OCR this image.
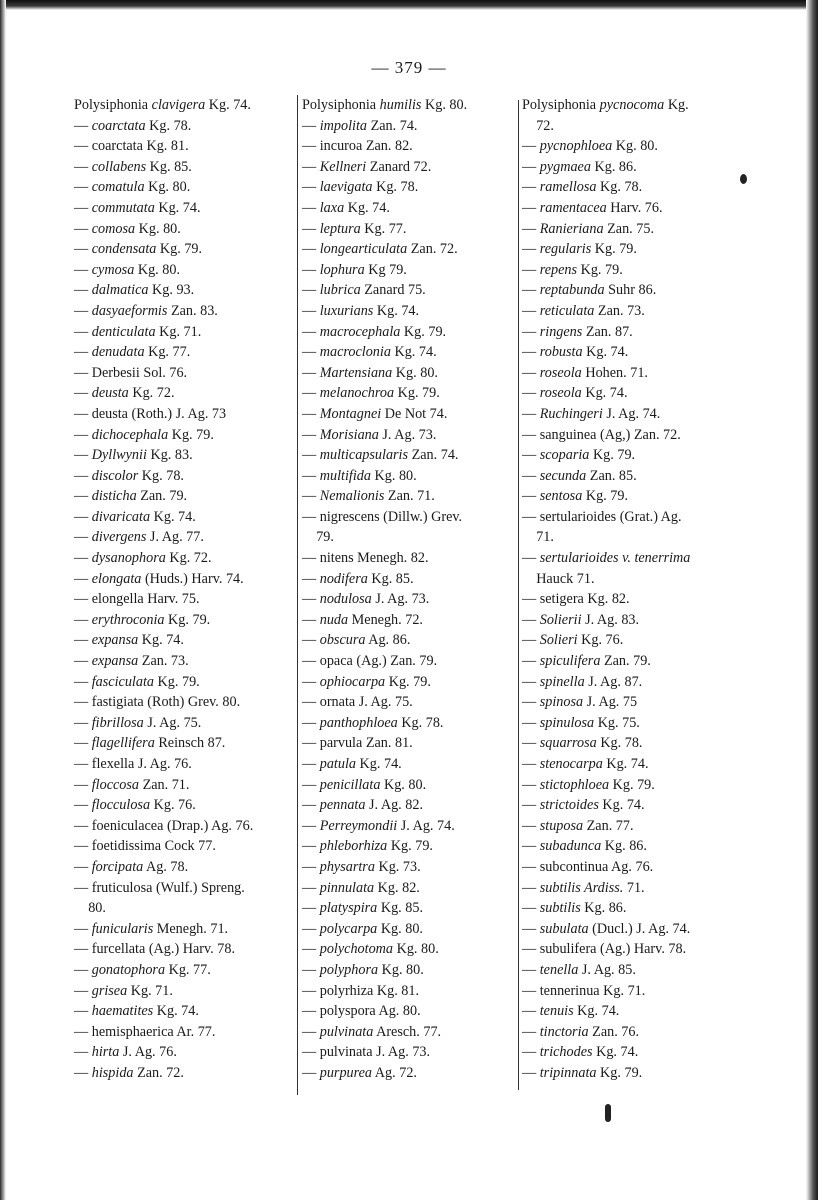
— 379 —
Polysiphonia clavigera Kg. 74.
— coarctata Kg. 78.
— coarctata Kg. 81.
— collabens Kg. 85.
— comatula Kg. 80.
— commutata Kg. 74.
— comosa Kg. 80.
— condensata Kg. 79.
— cymosa Kg. 80.
— dalmatica Kg. 93.
— dasyaeformis Zan. 83.
— denticulata Kg. 71.
— denudata Kg. 77.
— Derbesii Sol. 76.
— deusta Kg. 72.
— deusta (Roth.) J. Ag. 73
— dichocephala Kg. 79.
— Dyllwynii Kg. 83.
— discolor Kg. 78.
— disticha Zan. 79.
— divaricata Kg. 74.
— divergens J. Ag. 77.
— dysanophora Kg. 72.
— elongata (Huds.) Harv. 74.
— elongella Harv. 75.
— erythroconia Kg. 79.
— expansa Kg. 74.
— expansa Zan. 73.
— fasciculata Kg. 79.
— fastigiata (Roth) Grev. 80.
— fibrillosa J. Ag. 75.
— flagellifera Reinsch 87.
— flexella J. Ag. 76.
— floccosa Zan. 71.
— flocculosa Kg. 76.
— foeniculacea (Drap.) Ag. 76.
— foetidissima Cock 77.
— forcipata Ag. 78.
— fruticulosa (Wulf.) Spreng.
80.
— funicularis Menegh. 71.
— furcellata (Ag.) Harv. 78.
— gonatophora Kg. 77.
— grisea Kg. 71.
— haematites Kg. 74.
— hemisphaerica Ar. 77.
— hirta J. Ag. 76.
— hispida Zan. 72.
Polysiphonia humilis Kg. 80.
— impolita Zan. 74.
— incuroa Zan. 82.
— Kellneri Zanard 72.
— laevigata Kg. 78.
— laxa Kg. 74.
— leptura Kg. 77.
— longearticulata Zan. 72.
— lophura Kg 79.
— lubrica Zanard 75.
— luxurians Kg. 74.
— macrocephala Kg. 79.
— macroclonia Kg. 74.
— Martensiana Kg. 80.
— melanochroa Kg. 79.
— Montagnei De Not 74.
— Morisiana J. Ag. 73.
— multicapsularis Zan. 74.
— multifida Kg. 80.
— Nemalionis Zan. 71.
— nigrescens (Dillw.) Grev.
79.
— nitens Menegh. 82.
— nodifera Kg. 85.
— nodulosa J. Ag. 73.
— nuda Menegh. 72.
— obscura Ag. 86.
— opaca (Ag.) Zan. 79.
— ophiocarpa Kg. 79.
— ornata J. Ag. 75.
— panthophloea Kg. 78.
— parvula Zan. 81.
— patula Kg. 74.
— penicillata Kg. 80.
— pennata J. Ag. 82.
— Perreymondii J. Ag. 74.
— phleborhiza Kg. 79.
— physartra Kg. 73.
— pinnulata Kg. 82.
— platyspira Kg. 85.
— polycarpa Kg. 80.
— polychotoma Kg. 80.
— polyphora Kg. 80.
— polyrhiza Kg. 81.
— polyspora Ag. 80.
— pulvinata Aresch. 77.
— pulvinata J. Ag. 73.
— purpurea Ag. 72.
Polysiphonia pycnocoma Kg.
72.
— pycnophloea Kg. 80.
— pygmaea Kg. 86.
— ramellosa Kg. 78.
— ramentacea Harv. 76.
— Ranieriana Zan. 75.
— regularis Kg. 79.
— repens Kg. 79.
— reptabunda Suhr 86.
— reticulata Zan. 73.
— ringens Zan. 87.
— robusta Kg. 74.
— roseola Hohen. 71.
— roseola Kg. 74.
— Ruchingeri J. Ag. 74.
— sanguinea (Ag,) Zan. 72.
— scoparia Kg. 79.
— secunda Zan. 85.
— sentosa Kg. 79.
— sertularioides (Grat.) Ag.
71.
— sertularioides v. tenerrima
Hauck 71.
— setigera Kg. 82.
— Solierii J. Ag. 83.
— Solieri Kg. 76.
— spiculifera Zan. 79.
— spinella J. Ag. 87.
— spinosa J. Ag. 75
— spinulosa Kg. 75.
— squarrosa Kg. 78.
— stenocarpa Kg. 74.
— stictophloea Kg. 79.
— strictoides Kg. 74.
— stuposa Zan. 77.
— subadunca Kg. 86.
— subcontinua Ag. 76.
— subtilis Ardiss. 71.
— subtilis Kg. 86.
— subulata (Ducl.) J. Ag. 74.
— subulifera (Ag.) Harv. 78.
— tenella J. Ag. 85.
— tennerinua Kg. 71.
— tenuis Kg. 74.
— tinctoria Zan. 76.
— trichodes Kg. 74.
— tripinnata Kg. 79.
